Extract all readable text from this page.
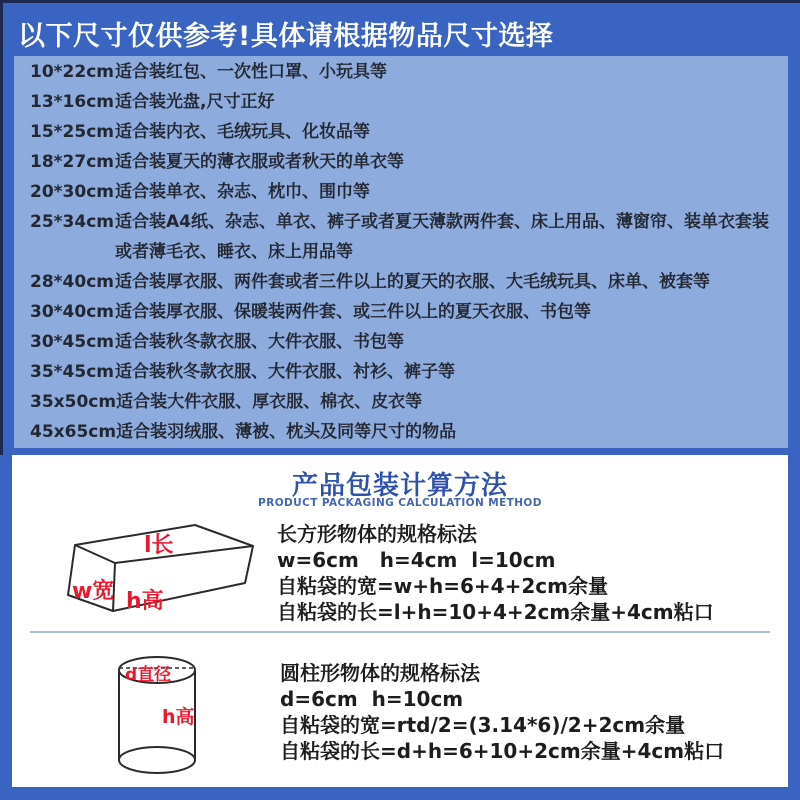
以下尺寸仅供参考!具体请根据物品尺寸选择
10*22cm 适合装红包、一次性口罩、小玩具等
13*16cm 适合装光盘,尺寸正好
15*25cm 适合装内衣、毛绒玩具、化妆品等
18*27cm 适合装夏天的薄衣服或者秋天的单衣等
20*30cm 适合装单衣、杂志、枕巾、围巾等
25*34cm 适合装A4纸、杂志、单衣、裤子或者夏天薄款两件套、床上用品、薄窗帘、装单衣套装或者薄毛衣、睡衣、床上用品等
28*40cm 适合装厚衣服、两件套或者三件以上的夏天的衣服、大毛绒玩具、床单、被套等
30*40cm 适合装厚衣服、保暖装两件套、或三件以上的夏天衣服、书包等
30*45cm 适合装秋冬款衣服、大件衣服、书包等
35*45cm 适合装秋冬款衣服、大件衣服、衬衫、裤子等
35x50cm 适合装大件衣服、厚衣服、棉衣、皮衣等
45x65cm 适合装羽绒服、薄被、枕头及同等尺寸的物品
产品包装计算方法
PRODUCT PACKAGING CALCULATION METHOD
l长
w宽 h高
长方形物体的规格标法
w=6cm   h=4cm  l=10cm
自粘袋的宽=w+h=6+4+2cm余量
自粘袋的长=l+h=10+4+2cm余量+4cm粘口
d直径
h高
圆柱形物体的规格标法
d=6cm  h=10cm
自粘袋的宽=rtd/2=(3.14*6)/2+2cm余量
自粘袋的长=d+h=6+10+2cm余量+4cm粘口
